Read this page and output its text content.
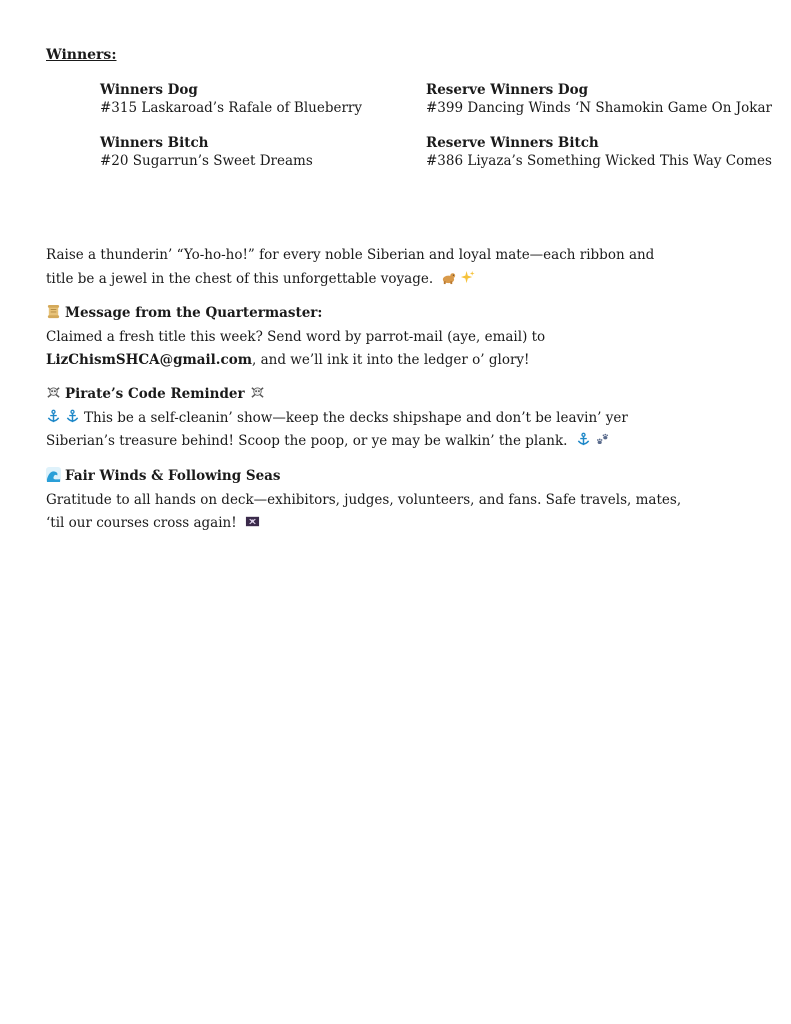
Winners:
Winners Dog
#315 Laskaroad’s Rafale of Blueberry
Reserve Winners Dog
#399 Dancing Winds ‘N Shamokin Game On Jokar
Winners Bitch
#20 Sugarrun’s Sweet Dreams
Reserve Winners Bitch
#386 Liyaza’s Something Wicked This Way Comes
Raise a thunderin’ “Yo-ho-ho!” for every noble Siberian and loyal mate—each ribbon and
title be a jewel in the chest of this unforgettable voyage.
Message from the Quartermaster:
Claimed a fresh title this week? Send word by parrot-mail (aye, email) to
LizChismSHCA@gmail.com, and we’ll ink it into the ledger o’ glory!
Pirate’s Code Reminder
This be a self-cleanin’ show—keep the decks shipshape and don’t be leavin’ yer
Siberian’s treasure behind! Scoop the poop, or ye may be walkin’ the plank.
Fair Winds & Following Seas
Gratitude to all hands on deck—exhibitors, judges, volunteers, and fans. Safe travels, mates,
‘til our courses cross again!
